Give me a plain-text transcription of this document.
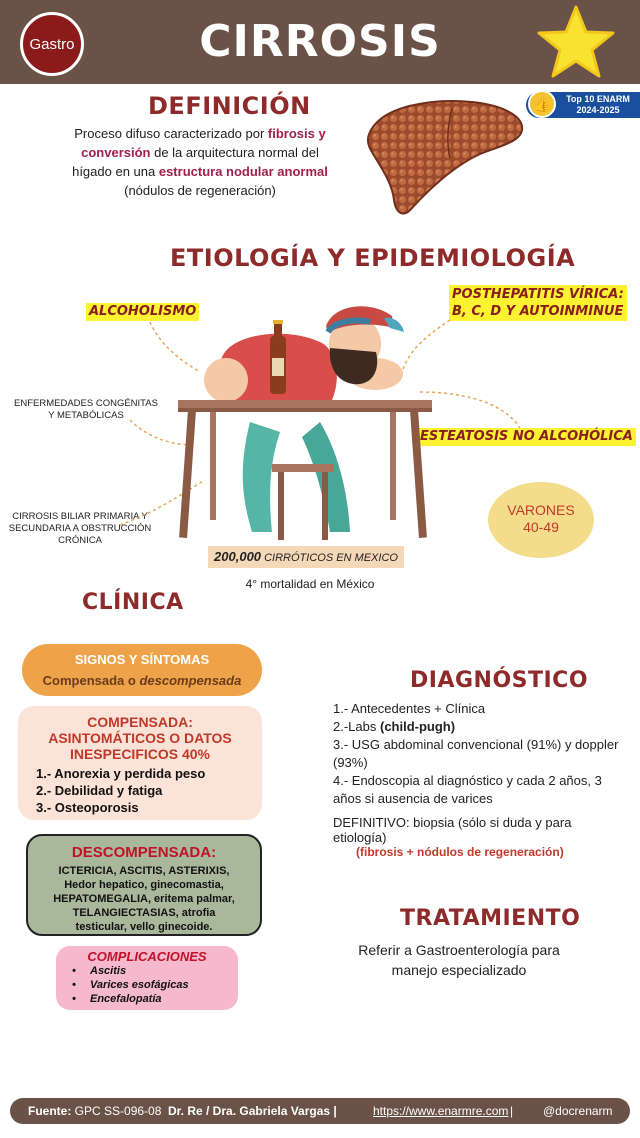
Gastro	CIRROSIS
DEFINICIÓN	👍	Top 10 ENARM
2024-2025
Proceso difuso caracterizado por fibrosis y conversión de la arquitectura normal del hígado en una estructura nodular anormal (nódulos de regeneración)
ETIOLOGÍA Y EPIDEMIOLOGÍA
ALCOHOLISMO
POSTHEPATITIS VÍRICA:
B, C, D Y AUTOINMINUE
ENFERMEDADES CONGÉNITAS
Y METABÓLICAS
ESTEATOSIS NO ALCOHÓLICA
CIRROSIS BILIAR PRIMARIA Y
SECUNDARIA A OBSTRUCCIÓN
CRÓNICA
VARONES
40-49
200,000 CIRRÓTICOS EN MEXICO
4° mortalidad en México
CLÍNICA
SIGNOS Y SÍNTOMAS
Compensada o descompensada
COMPENSADA:
ASINTOMÁTICOS O DATOS
INESPECIFICOS 40%
1.- Anorexia y perdida peso
2.- Debilidad y fatiga
3.- Osteoporosis
DESCOMPENSADA:
ICTERICIA, ASCITIS, ASTERIXIS,
Hedor hepatico, ginecomastia,
HEPATOMEGALIA, eritema palmar,
TELANGIECTASIAS, atrofia
testicular, vello ginecoide.
COMPLICACIONES
• Ascitis
• Varices esofágicas
• Encefalopatía
DIAGNÓSTICO
1.- Antecedentes + Clínica
2.-Labs (child-pugh)
3.- USG abdominal convencional (91%) y doppler (93%)
4.- Endoscopia al diagnóstico y cada 2 años, 3 años si ausencia de varices
DEFINITIVO: biopsia (sólo si duda y para etiología)
(fibrosis + nódulos de regeneración)
TRATAMIENTO
Referir a Gastroenterología para manejo especializado
Fuente: GPC SS-096-08 Dr. Re / Dra. Gabriela Vargas |	https://www.enarmre.com | @docrenarm
